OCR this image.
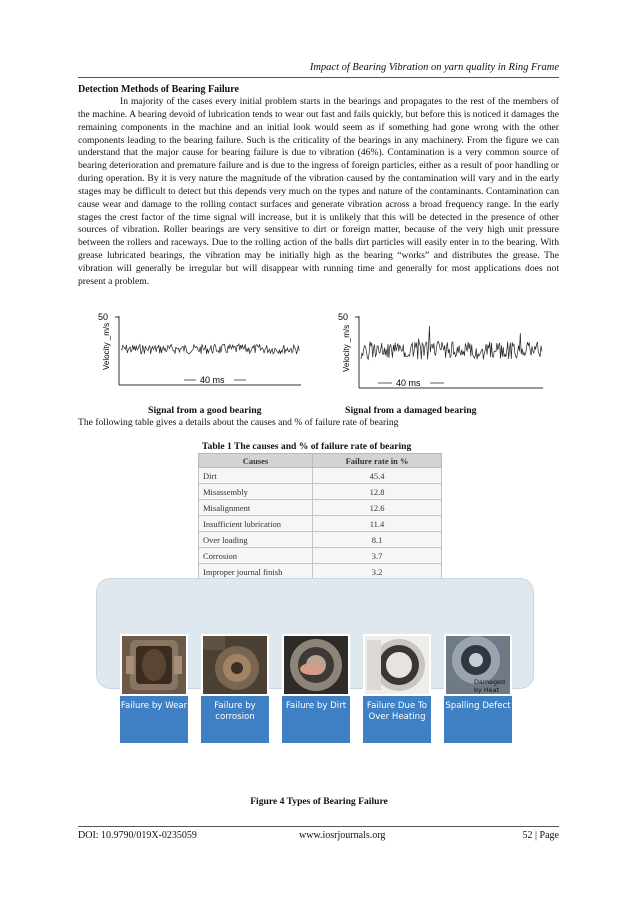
Impact of Bearing Vibration on yarn quality in Ring Frame
Detection Methods of Bearing Failure

In majority of the cases every initial problem starts in the bearings and propagates to the rest of the members of the machine. A bearing devoid of lubrication tends to wear out fast and fails quickly, but before this is noticed it damages the remaining components in the machine and an initial look would seem as if something had gone wrong with the other components leading to the bearing failure. Such is the criticality of the bearings in any machinery. From the figure we can understand that the major cause for bearing failure is due to vibration (46%). Contamination is a very common source of bearing deterioration and premature failure and is due to the ingress of foreign particles, either as a result of poor handling or during operation. By it is very nature the magnitude of the vibration caused by the contamination will vary and in the early stages may be difficult to detect but this depends very much on the types and nature of the contaminants. Contamination can cause wear and damage to the rolling contact surfaces and generate vibration across a broad frequency range. In the early stages the crest factor of the time signal will increase, but it is unlikely that this will be detected in the presence of other sources of vibration. Roller bearings are very sensitive to dirt or foreign matter, because of the very high unit pressure between the rollers and raceways. Due to the rolling action of the balls dirt particles will easily enter in to the bearing. With grease lubricated bearings, the vibration may be initially high as the bearing “works” and distributes the grease. The vibration will generally be irregular but will disappear with running time and generally for most applications does not present a problem.

50
Velocity _m/s
40 ms
50
Velocity _m/s
40 ms
Signal from a good bearing	Signal from a damaged bearing
The following table gives a details about the causes and % of failure rate of bearing
Table 1 The causes and % of failure rate of bearing
Causes	Failure rate in %
Dirt	45.4
Misassembly	12.8
Misalignment	12.6
Insufficient lubrication	11.4
Over loading	8.1
Corrosion	3.7
Improper journal finish	3.2
Damaged by Heat
Failure by Wear	Failure by corrosion
Failure by Dirt	Failure Due To Over Heating
Spalling Defect
Figure 4 Types of Bearing Failure
DOI: 10.9790/019X-0235059	www.iosrjournals.org	52 | Page
